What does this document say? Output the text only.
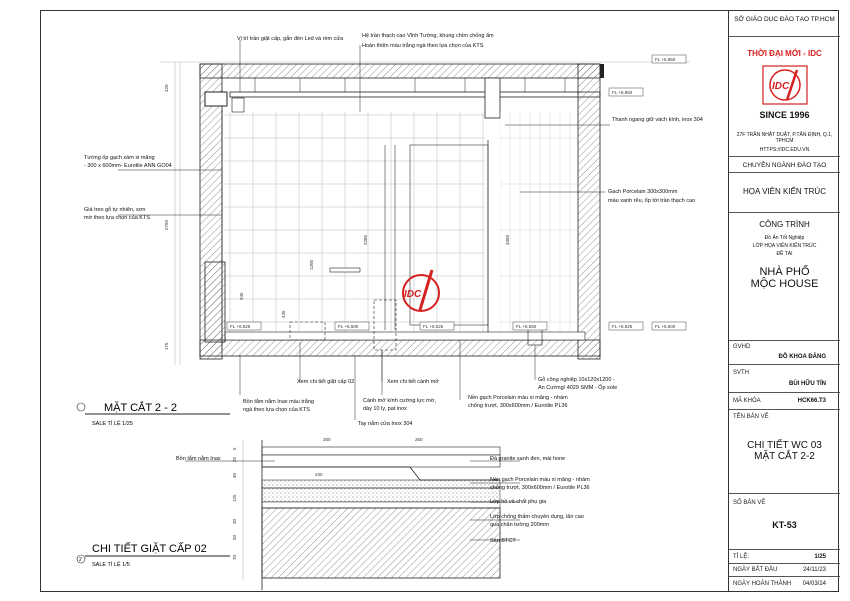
IDC
2
Vị trí trần giật cấp, gắn đèn Led và rèm cửa	Hệ trần thạch cao Vĩnh Tường, khung chìm chống ẩm
Hoàn thiện màu trắng ngà theo lựa chọn của KTS
Tường ốp gạch xám xi măng
- 300 x 600mm- Eurotile ANN GO04
Giá treo gỗ tự nhiên, sơn
mờ theo lựa chọn của KTS
Thanh ngang giữ vách kính, inox 304
Gạch Porcelain 300x300mm
màu xanh rêu, ốp tới trần thạch cao
Bồn tắm nằm Inax màu trắng
ngà theo lựa chọn của KTS
Xem chi tiết giặt cấp 02	Xem chi tiết cánh mở
Cánh mở kính cường lực mờ,
dày 10 ly, pat inox
Tay nắm cửa Inox 304
Nền gạch Porcelain màu xi măng - nhám
chống trượt, 300x600mm / Eurotile PL36
Gỗ công nghiệp 10x120x1200 -
An Cường/ 4029 SMM - Ốp sole
Bồn tắm nằm Inax	Đá granite xanh đen, mài hone
Nền gạch Porcelain màu xi măng - nhám
chống trượt, 300x600mm / Eurotile PL36
Lớp hồ và chất phụ gia
Lớp chống thấm chuyên dụng, lăn cao
qua chân tường 200mm
Sàn BTCT
FL +6.850
FL +6.850
FL +6.525	FL +6.500	FL +6.525	FL +6.550	FL +6.525	FL +6.500
420
2750
175
2285
1200
3350
945
435
250	250
230
5
25
40
125
30
50
70
MẶT CẮT 2 - 2
SALE TỈ LỆ 1/25
CHI TIẾT GIẶT CẤP 02
SALE TỈ LỆ 1/5
SỞ GIÁO DỤC ĐÀO TẠO TP.HCM
THỜI ĐẠI MỚI - IDC
IDC
SINCE 1996
27F TRẦN NHẬT DUẬT, P.TÂN ĐỊNH, Q.1, TPHCM
HTTPS://IDC.EDU.VN
CHUYÊN NGÀNH ĐÀO TẠO
HỌA VIÊN KIẾN TRÚC
CÔNG TRÌNH
Đồ Án Tốt Nghiệp
LỚP HỌA VIÊN KIẾN TRÚC
ĐỀ TÀI
NHÀ PHỐ
MỘC HOUSE
GVHD
ĐỖ KHOA ĐĂNG
SVTH
BÙI HỮU TÍN
MÃ KHÓA	HCK66.T3
TÊN BẢN VẼ
CHI TIẾT WC 03
MẶT CẮT 2-2
SỐ BẢN VẼ
KT-53
TỈ LỆ:	1/25
NGÀY BẮT ĐẦU	24/11/23
NGÀY HOÀN THÀNH 04/03/24
